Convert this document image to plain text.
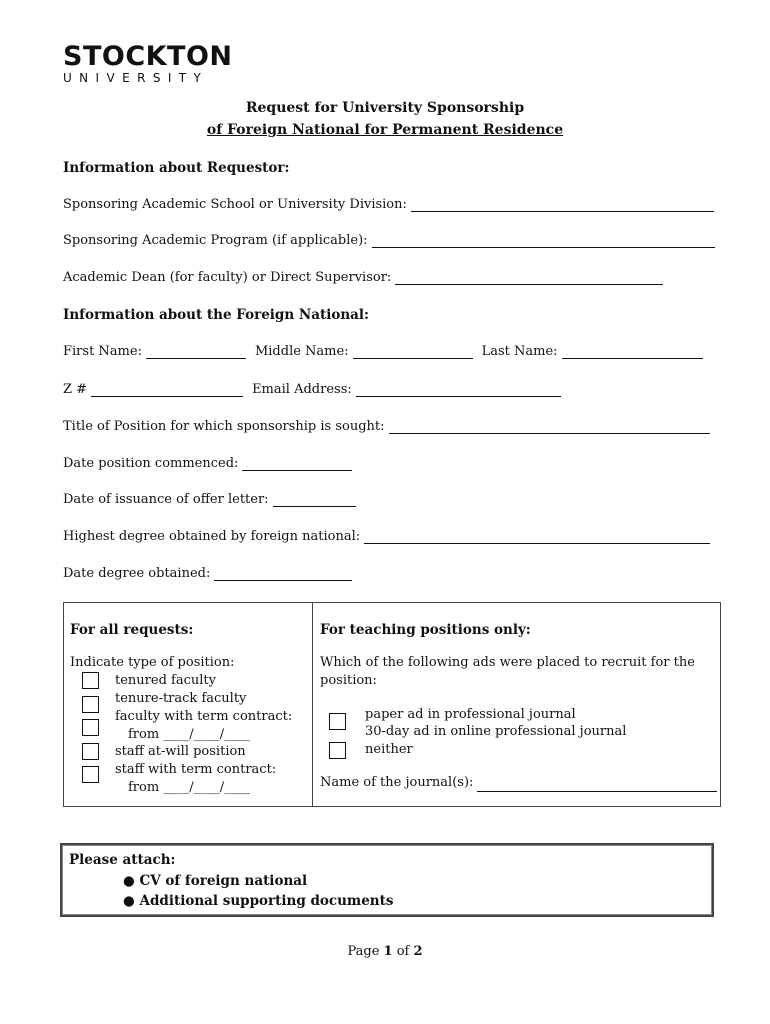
STOCKTON
UNIVERSITY
Request for University Sponsorship
of Foreign National for Permanent Residence
Information about Requestor:
Sponsoring Academic School or University Division:
Sponsoring Academic Program (if applicable):
Academic Dean (for faculty) or Direct Supervisor:
Information about the Foreign National:
First Name:	Middle Name:	Last Name:
Z #	Email Address:
Title of Position for which sponsorship is sought:
Date position commenced:
Date of issuance of offer letter:
Highest degree obtained by foreign national:
Date degree obtained:
For all requests:
Indicate type of position:
tenured faculty
tenure-track faculty
faculty with term contract:
from ____/____/____
staff at-will position
staff with term contract:
from ____/____/____
For teaching positions only:
Which of the following ads were placed to recruit for the
position:
paper ad in professional journal
30-day ad in online professional journal
neither
Name of the journal(s):
Please attach:
● CV of foreign national
● Additional supporting documents
Page 1 of 2
